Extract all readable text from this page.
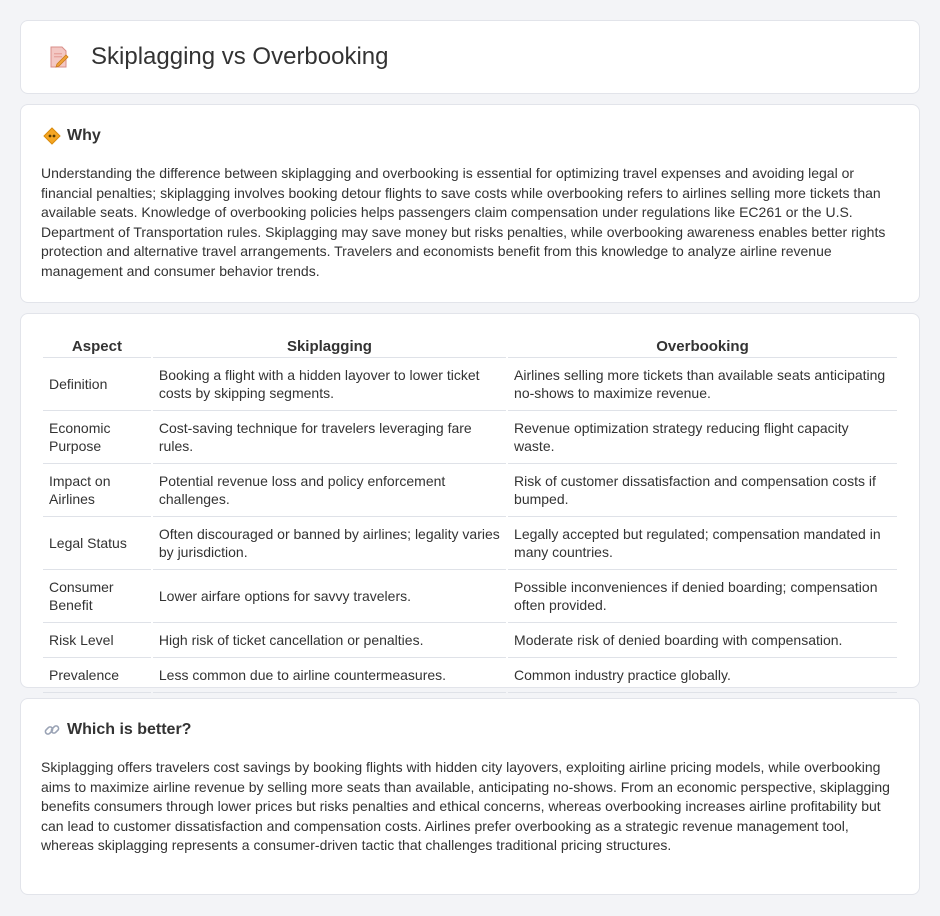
Skiplagging vs Overbooking
Why

Understanding the difference between skiplagging and overbooking is essential for optimizing travel expenses and avoiding legal or financial penalties; skiplagging involves booking detour flights to save costs while overbooking refers to airlines selling more tickets than available seats. Knowledge of overbooking policies helps passengers claim compensation under regulations like EC261 or the U.S. Department of Transportation rules. Skiplagging may save money but risks penalties, while overbooking awareness enables better rights protection and alternative travel arrangements. Travelers and economists benefit from this knowledge to analyze airline revenue management and consumer behavior trends.

Aspect	Skiplagging	Overbooking
Definition	Booking a flight with a hidden layover to lower ticket costs by skipping segments.	Airlines selling more tickets than available seats anticipating no-shows to maximize revenue.
Economic Purpose	Cost-saving technique for travelers leveraging fare rules.	Revenue optimization strategy reducing flight capacity waste.
Impact on Airlines	Potential revenue loss and policy enforcement challenges.	Risk of customer dissatisfaction and compensation costs if bumped.
Legal Status	Often discouraged or banned by airlines; legality varies by jurisdiction.	Legally accepted but regulated; compensation mandated in many countries.
Consumer Benefit	Lower airfare options for savvy travelers.	Possible inconveniences if denied boarding; compensation often provided.
Risk Level	High risk of ticket cancellation or penalties.	Moderate risk of denied boarding with compensation.
Prevalence	Less common due to airline countermeasures.	Common industry practice globally.
Which is better?

Skiplagging offers travelers cost savings by booking flights with hidden city layovers, exploiting airline pricing models, while overbooking aims to maximize airline revenue by selling more seats than available, anticipating no-shows. From an economic perspective, skiplagging benefits consumers through lower prices but risks penalties and ethical concerns, whereas overbooking increases airline profitability but can lead to customer dissatisfaction and compensation costs. Airlines prefer overbooking as a strategic revenue management tool, whereas skiplagging represents a consumer-driven tactic that challenges traditional pricing structures.
